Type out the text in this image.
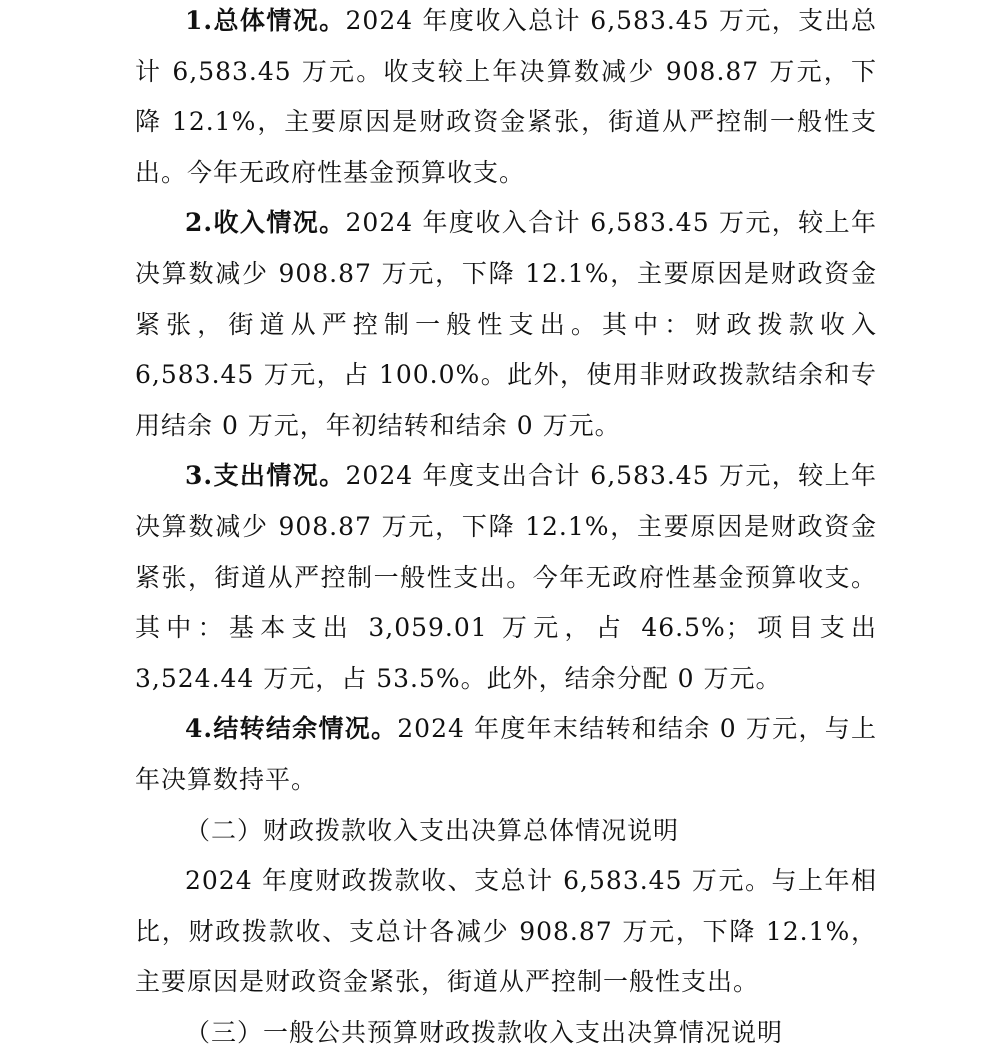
1.总体情况。2024 年度收入总计 6,583.45 万元，支出总计 6,583.45 万元。收支较上年决算数减少 908.87 万元，下降 12.1%，主要原因是财政资金紧张，街道从严控制一般性支出。今年无政府性基金预算收支。

2.收入情况。2024 年度收入合计 6,583.45 万元，较上年决算数减少 908.87 万元，下降 12.1%，主要原因是财政资金紧张，街道从严控制一般性支出。其中：财政拨款收入 6,583.45 万元，占 100.0%。此外，使用非财政拨款结余和专用结余 0 万元，年初结转和结余 0 万元。

3.支出情况。2024 年度支出合计 6,583.45 万元，较上年决算数减少 908.87 万元，下降 12.1%，主要原因是财政资金紧张，街道从严控制一般性支出。今年无政府性基金预算收支。其中：基本支出 3,059.01 万元，占 46.5%；项目支出 3,524.44 万元，占 53.5%。此外，结余分配 0 万元。

4.结转结余情况。2024 年度年末结转和结余 0 万元，与上年决算数持平。

（二）财政拨款收入支出决算总体情况说明

2024 年度财政拨款收、支总计 6,583.45 万元。与上年相比，财政拨款收、支总计各减少 908.87 万元，下降 12.1%，主要原因是财政资金紧张，街道从严控制一般性支出。

（三）一般公共预算财政拨款收入支出决算情况说明
